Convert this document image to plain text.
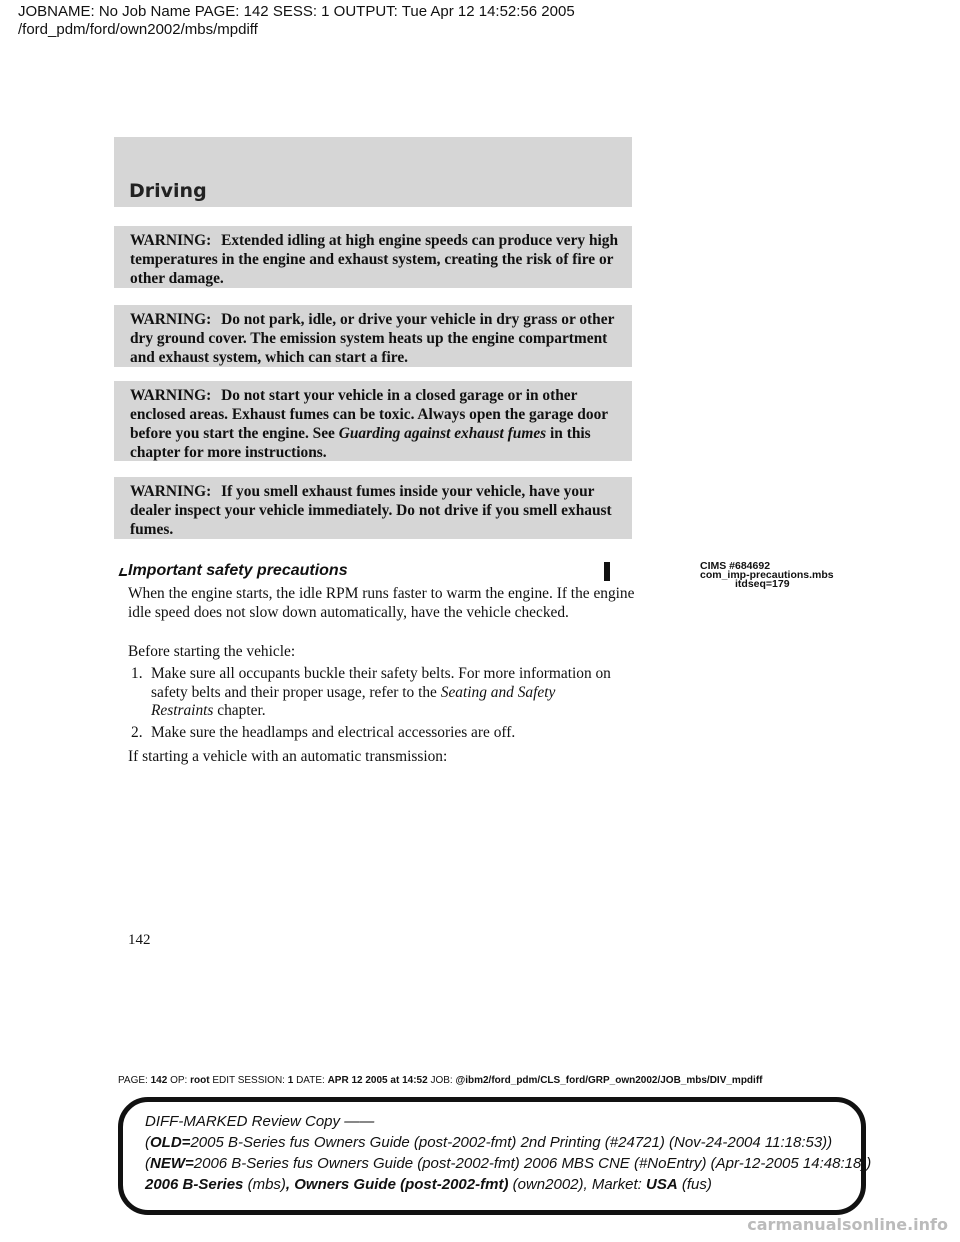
JOBNAME: No Job Name PAGE: 142 SESS: 1 OUTPUT: Tue Apr 12 14:52:56 2005
/ford_pdm/ford/own2002/mbs/mpdiff
Driving
WARNING: Extended idling at high engine speeds can produce very high temperatures in the engine and exhaust system, creating the risk of fire or other damage.
WARNING: Do not park, idle, or drive your vehicle in dry grass or other dry ground cover. The emission system heats up the engine compartment and exhaust system, which can start a fire.
WARNING: Do not start your vehicle in a closed garage or in other enclosed areas. Exhaust fumes can be toxic. Always open the garage door before you start the engine. See Guarding against exhaust fumes in this chapter for more instructions.
WARNING: If you smell exhaust fumes inside your vehicle, have your dealer inspect your vehicle immediately. Do not drive if you smell exhaust fumes.
Important safety precautions	CIMS #684692
com_imp-precautions.mbs
itdseq=179
When the engine starts, the idle RPM runs faster to warm the engine. If the engine idle speed does not slow down automatically, have the vehicle checked.
Before starting the vehicle:
1. Make sure all occupants buckle their safety belts. For more information on safety belts and their proper usage, refer to the Seating and Safety Restraints chapter.
2. Make sure the headlamps and electrical accessories are off.
If starting a vehicle with an automatic transmission:
142
PAGE: 142 OP: root EDIT SESSION: 1 DATE: APR 12 2005 at 14:52 JOB: @ibm2/ford_pdm/CLS_ford/GRP_own2002/JOB_mbs/DIV_mpdiff
DIFF-MARKED Review Copy ——
(OLD=2005 B-Series fus Owners Guide (post-2002-fmt) 2nd Printing (#24721) (Nov-24-2004 11:18:53))
(NEW=2006 B-Series fus Owners Guide (post-2002-fmt) 2006 MBS CNE (#NoEntry) (Apr-12-2005 14:48:18))
2006 B-Series (mbs), Owners Guide (post-2002-fmt) (own2002), Market: USA (fus)
carmanualsonline.info
